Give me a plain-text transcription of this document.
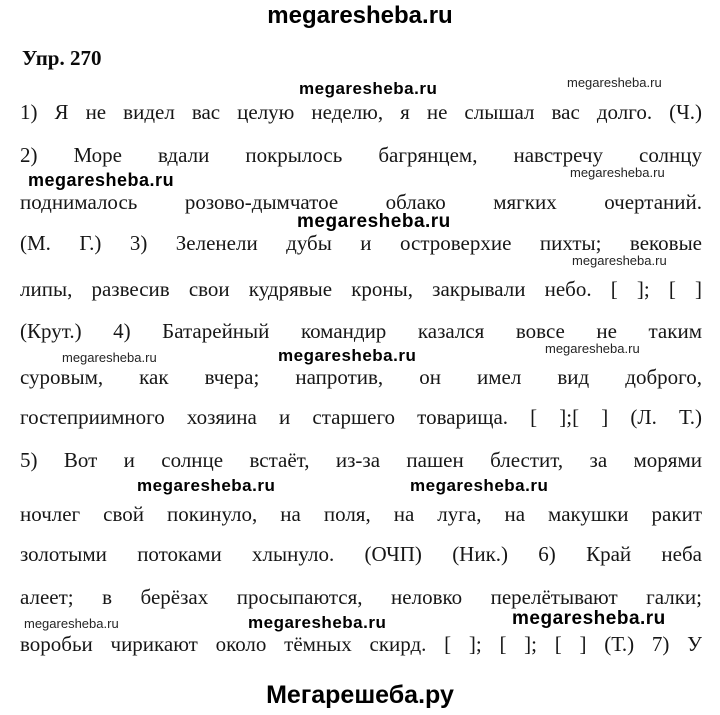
megaresheba.ru
Упр. 270
megaresheba.ru	megaresheba.ru
megaresheba.ru	megaresheba.ru
megaresheba.ru
megaresheba.ru
megaresheba.ru	megaresheba.ru	megaresheba.ru
megaresheba.ru	megaresheba.ru
megaresheba.ru	megaresheba.ru	megaresheba.ru
1) Я не видел вас целую неделю, я не слышал вас долго. (Ч.)
2) Море вдали покрылось багрянцем, навстречу солнцу
поднималось розово-дымчатое облако мягких очертаний.
(М. Г.) 3) Зеленели дубы и островерхие пихты; вековые
липы, развесив свои кудрявые кроны, закрывали небо. [ ]; [ ]
(Крут.) 4) Батарейный командир казался вовсе не таким
суровым, как вчера; напротив, он имел вид доброго,
гостеприимного хозяина и старшего товарища. [ ];[ ] (Л. Т.)
5) Вот и солнце встаёт, из-за пашен блестит, за морями
ночлег свой покинуло, на поля, на луга, на макушки ракит
золотыми потоками хлынуло. (ОЧП) (Ник.) 6) Край неба
алеет; в берёзах просыпаются, неловко перелётывают галки;
воробьи чирикают около тёмных скирд. [ ]; [ ]; [ ] (Т.) 7) У
Мегарешеба.ру
